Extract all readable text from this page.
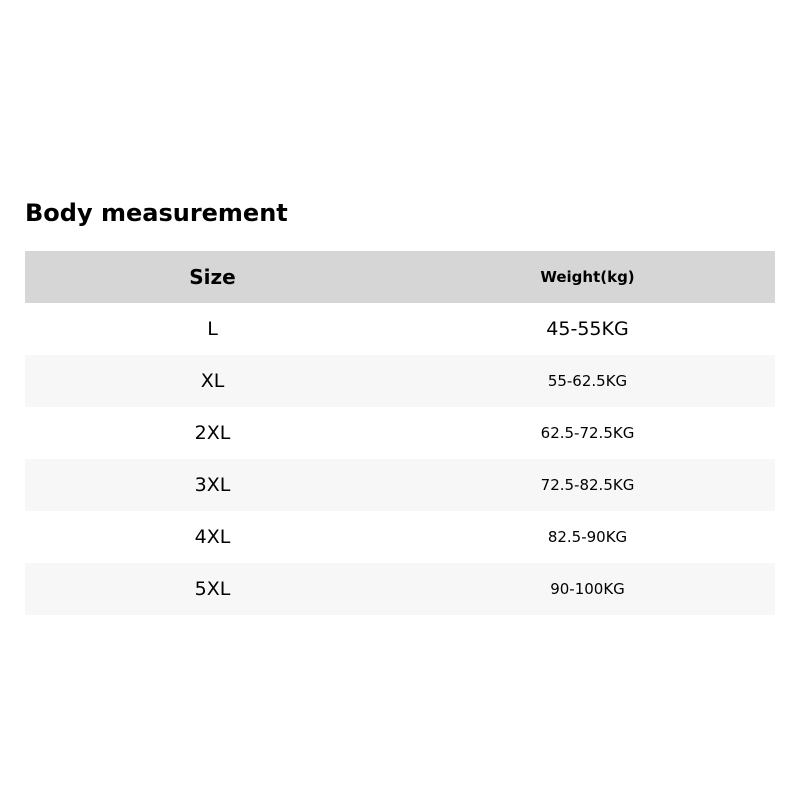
Body measurement
Size	Weight(kg)
L	45-55KG
XL	55-62.5KG
2XL	62.5-72.5KG
3XL	72.5-82.5KG
4XL	82.5-90KG
5XL	90-100KG
